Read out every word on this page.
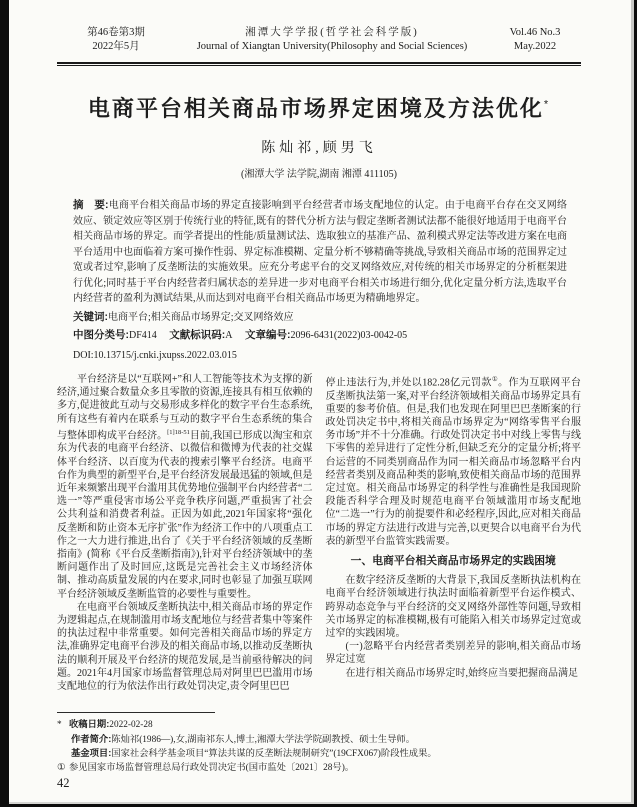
第46卷第3期
2022年5月
湘潭大学学报(哲学社会科学版)
Journal of Xiangtan University(Philosophy and Social Sciences)
Vol.46 No.3
May.2022
电商平台相关商品市场界定困境及方法优化*
陈灿祁,顾男飞
(湘潭大学 法学院,湖南 湘潭 411105)

摘　要:电商平台相关商品市场的界定直接影响到平台经营者市场支配地位的认定。由于电商平台存在交叉网络效应、锁定效应等区别于传统行业的特征,既有的替代分析方法与假定垄断者测试法都不能很好地适用于电商平台相关商品市场的界定。而学者提出的性能/质量测试法、选取独立的基准产品、盈利模式界定法等改进方案在电商平台适用中也面临着方案可操作性弱、界定标准模糊、定量分析不够精确等挑战,导致相关商品市场的范围界定过宽或者过窄,影响了反垄断法的实施效果。应充分考虑平台的交叉网络效应,对传统的相关市场界定的分析框架进行优化;同时基于平台内经营者归属状态的差异进一步对电商平台相关市场进行细分,优化定量分析方法,选取平台内经营者的盈利为测试结果,从而达到对电商平台相关商品市场更为精确地界定。

关键词:电商平台;相关商品市场界定;交叉网络效应

中图分类号:DF414 文献标识码:A 文章编号:2096-6431(2022)03-0042-05

DOI:10.13715/j.cnki.jxupss.2022.03.015

平台经济是以“互联网+”和人工智能等技术为支撑的新经济,通过聚合数量众多且零散的资源,连接具有相互依赖的多方,促进彼此互动与交易形成多样化的数字平台生态系统,所有这些有着内在联系与互动的数字平台生态系统的集合与整体即构成平台经济。$^{[1]18-51}$目前,我国已形成以淘宝和京东为代表的电商平台经济、以微信和微博为代表的社交媒体平台经济、以百度为代表的搜索引擎平台经济。电商平台作为典型的新型平台,是平台经济发展最迅猛的领域,但是近年来频繁出现平台滥用其优势地位强制平台内经营者“二选一”等严重侵害市场公平竞争秩序问题,严重损害了社会公共利益和消费者利益。正因为如此,2021年国家将“强化反垄断和防止资本无序扩张”作为经济工作中的八项重点工作之一大力进行推进,出台了《关于平台经济领域的反垄断指南》(简称《平台反垄断指南》),针对平台经济领域中的垄断问题作出了及时回应,这既是完善社会主义市场经济体制、推动高质量发展的内在要求,同时也彰显了加强互联网平台经济领域反垄断监管的必要性与重要性。

在电商平台领域反垄断执法中,相关商品市场的界定作为逻辑起点,在规制滥用市场支配地位与经营者集中等案件的执法过程中非常重要。如何完善相关商品市场的界定方法,准确界定电商平台涉及的相关商品市场,以推动反垄断执法的顺利开展及平台经济的规范发展,是当前亟待解决的问题。2021年4月国家市场监督管理总局对阿里巴巴滥用市场支配地位的行为依法作出行政处罚决定,责令阿里巴巴

停止违法行为,并处以182.28亿元罚款①。作为互联网平台反垄断执法第一案,对平台经济领域相关商品市场界定具有重要的参考价值。但是,我们也发现在阿里巴巴垄断案的行政处罚决定书中,将相关商品市场界定为“网络零售平台服务市场”并不十分准确。行政处罚决定书中对线上零售与线下零售的差异进行了定性分析,但缺乏充分的定量分析;将平台运营的不同类别商品作为同一相关商品市场忽略平台内经营者类别及商品种类的影响,致使相关商品市场的范围界定过宽。相关商品市场界定的科学性与准确性是我国现阶段能否科学合理及时规范电商平台领域滥用市场支配地位“二选一”行为的前提要件和必经程序,因此,应对相关商品市场的界定方法进行改进与完善,以更契合以电商平台为代表的新型平台监管实践需要。

一、电商平台相关商品市场界定的实践困境

在数字经济反垄断的大背景下,我国反垄断执法机构在电商平台经济领域进行执法时面临着新型平台运作模式、跨界动态竞争与平台经济的交叉网络外部性等问题,导致相关市场界定的标准模糊,极有可能陷入相关市场界定过宽或过窄的实践困境。

(一)忽略平台内经营者类别差异的影响,相关商品市场界定过宽

在进行相关商品市场界定时,始终应当要把握商品满足

* 收稿日期:2022-02-28

作者简介:陈灿祁(1986—),女,湖南祁东人,博士,湘潭大学法学院副教授、硕士生导师。

基金项目:国家社会科学基金项目“算法共谋的反垄断法规制研究”(19CFX067)阶段性成果。

① 参见国家市场监督管理总局行政处罚决定书(国市监处〔2021〕28号)。

42
